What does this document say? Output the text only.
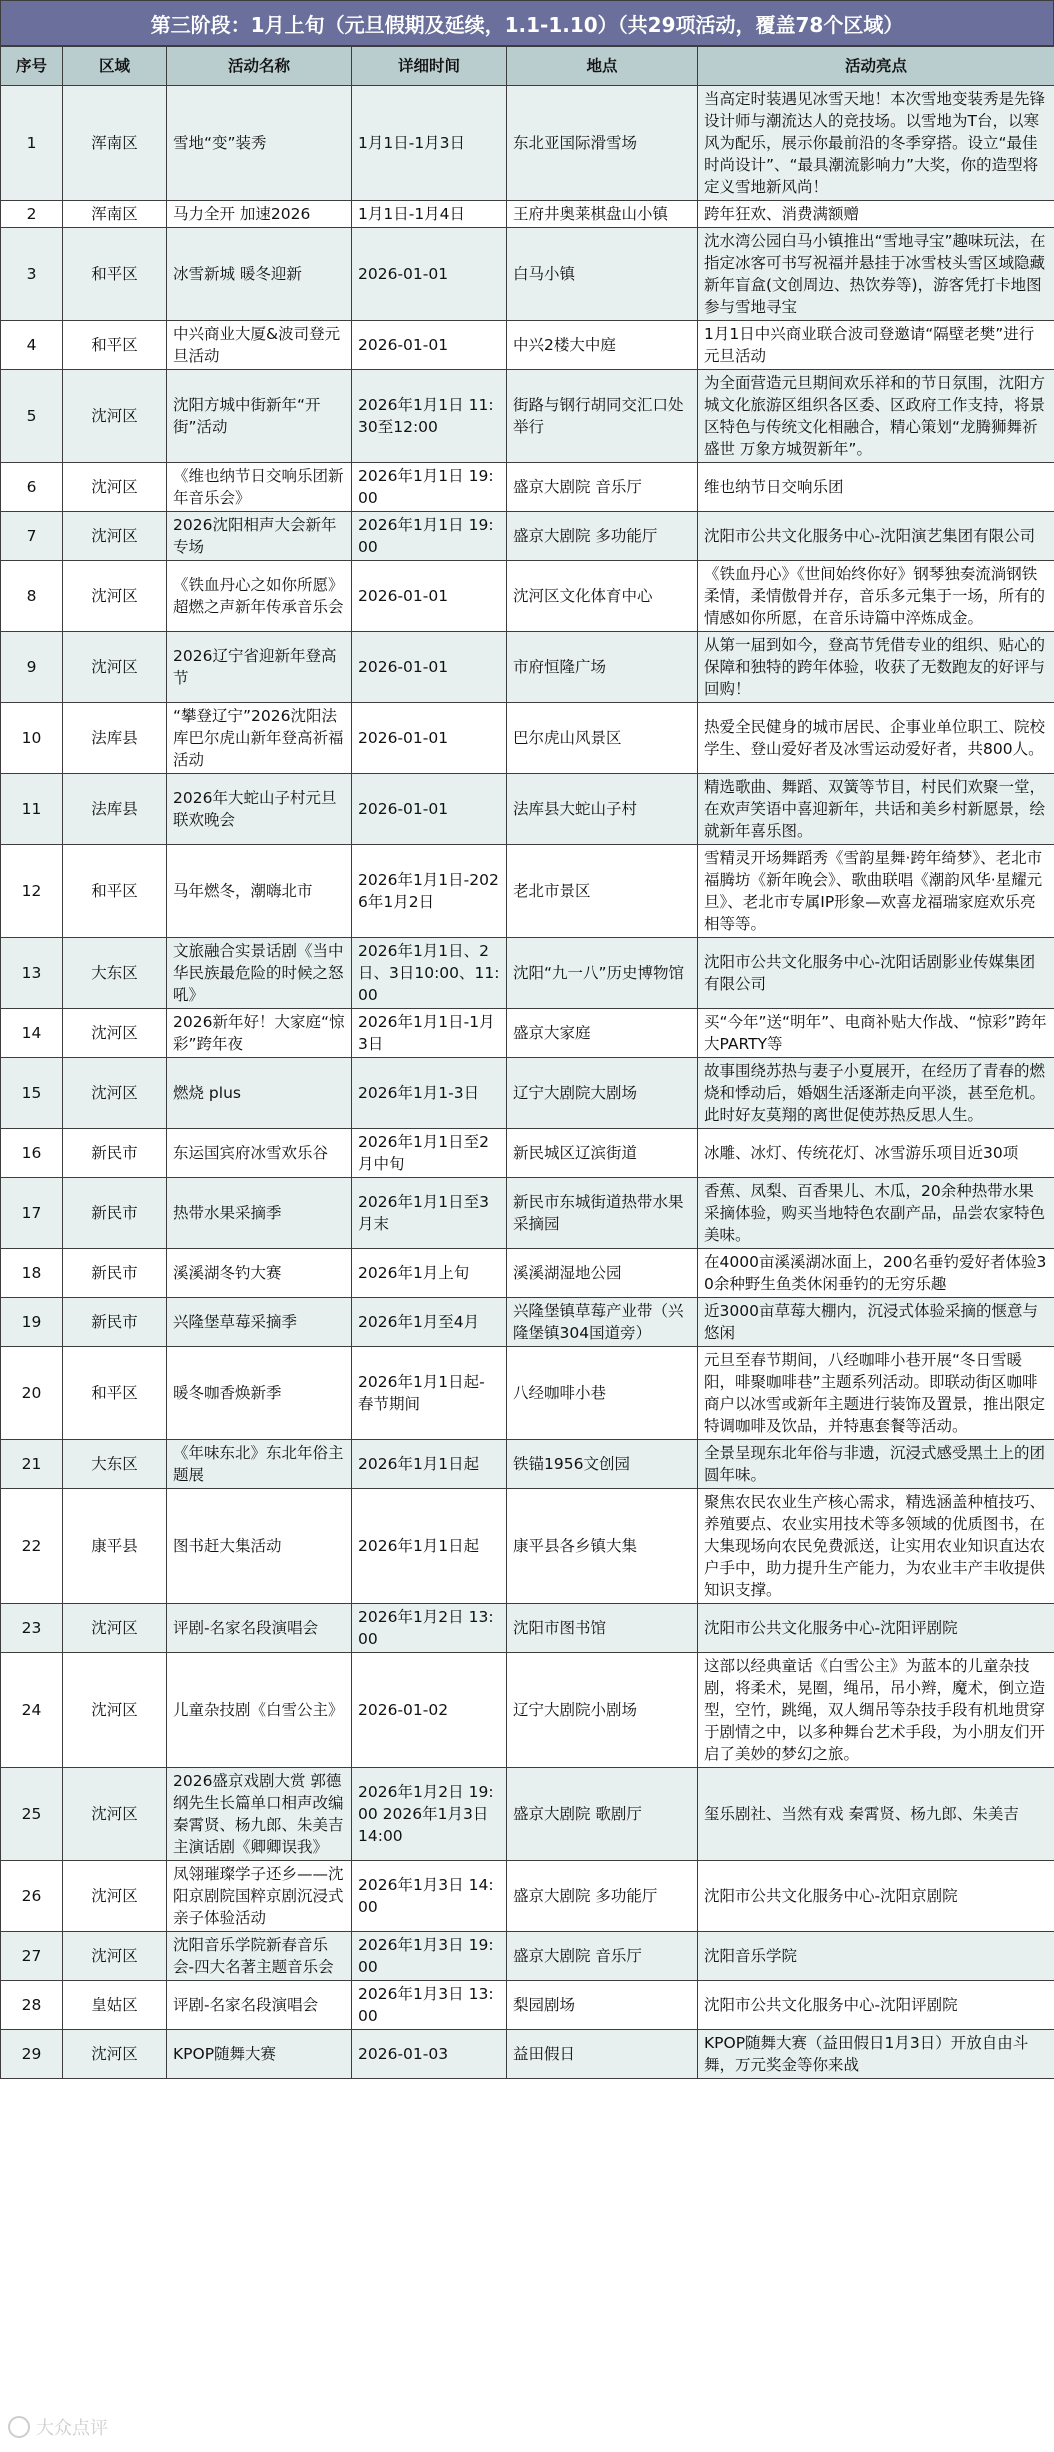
第三阶段：1月上旬（元旦假期及延续，1.1-1.10）（共29项活动，覆盖78个区域）
序号	区域	活动名称	详细时间	地点	活动亮点
1	浑南区	雪地“变”装秀	1月1日-1月3日	东北亚国际滑雪场	当高定时装遇见冰雪天地！本次雪地变装秀是先锋设计师与潮流达人的竞技场。以雪地为T台，以寒风为配乐，展示你最前沿的冬季穿搭。设立“最佳时尚设计”、“最具潮流影响力”大奖，你的造型将定义雪地新风尚！
2	浑南区	马力全开 加速2026	1月1日-1月4日	王府井奥莱棋盘山小镇	跨年狂欢、消费满额赠
3	和平区	冰雪新城 暖冬迎新	2026-01-01	白马小镇	沈水湾公园白马小镇推出“雪地寻宝”趣味玩法，在指定冰客可书写祝福并悬挂于冰雪枝头雪区域隐藏新年盲盒(文创周边、热饮券等)，游客凭打卡地图参与雪地寻宝
4	和平区	中兴商业大厦&波司登元旦活动	2026-01-01	中兴2楼大中庭	1月1日中兴商业联合波司登邀请“隔壁老樊”进行元旦活动
5	沈河区	沈阳方城中街新年“开街”活动	2026年1月1日 11:30至12:00	街路与钢行胡同交汇口处举行	为全面营造元旦期间欢乐祥和的节日氛围，沈阳方城文化旅游区组织各区委、区政府工作支持，将景区特色与传统文化相融合，精心策划“龙腾狮舞祈盛世 万象方城贺新年”。
6	沈河区	《维也纳节日交响乐团新年音乐会》	2026年1月1日 19:00	盛京大剧院 音乐厅	维也纳节日交响乐团
7	沈河区	2026沈阳相声大会新年专场	2026年1月1日 19:00	盛京大剧院 多功能厅	沈阳市公共文化服务中心-沈阳演艺集团有限公司
8	沈河区	《铁血丹心之如你所愿》超燃之声新年传承音乐会	2026-01-01	沈河区文化体育中心	《铁血丹心》《世间始终你好》钢琴独奏流淌钢铁柔情，柔情傲骨并存，音乐多元集于一场，所有的情感如你所愿，在音乐诗篇中淬炼成金。
9	沈河区	2026辽宁省迎新年登高节	2026-01-01	市府恒隆广场	从第一届到如今，登高节凭借专业的组织、贴心的保障和独特的跨年体验，收获了无数跑友的好评与回购！
10	法库县	“攀登辽宁”2026沈阳法库巴尔虎山新年登高祈福活动	2026-01-01	巴尔虎山风景区	热爱全民健身的城市居民、企事业单位职工、院校学生、登山爱好者及冰雪运动爱好者，共800人。
11	法库县	2026年大蛇山子村元旦联欢晚会	2026-01-01	法库县大蛇山子村	精选歌曲、舞蹈、双簧等节目，村民们欢聚一堂，在欢声笑语中喜迎新年，共话和美乡村新愿景，绘就新年喜乐图。
12	和平区	马年燃冬，潮嗨北市	2026年1月1日-2026年1月2日	老北市景区	雪精灵开场舞蹈秀《雪韵星舞·跨年绮梦》、老北市福腾坊《新年晚会》、歌曲联唱《潮韵风华·星耀元旦》、老北市专属IP形象—欢喜龙福瑞家庭欢乐亮相等等。
13	大东区	文旅融合实景话剧《当中华民族最危险的时候之怒吼》	2026年1月1日、2日、3日10:00、11:00	沈阳“九一八”历史博物馆	沈阳市公共文化服务中心-沈阳话剧影业传媒集团有限公司
14	沈河区	2026新年好！大家庭“惊彩”跨年夜	2026年1月1日-1月3日	盛京大家庭	买“今年”送“明年”、电商补贴大作战、“惊彩”跨年大PARTY等
15	沈河区	燃烧 plus	2026年1月1-3日	辽宁大剧院大剧场	故事围绕苏热与妻子小夏展开，在经历了青春的燃烧和悸动后，婚姻生活逐渐走向平淡，甚至危机。此时好友莫翔的离世促使苏热反思人生。
16	新民市	东运国宾府冰雪欢乐谷	2026年1月1日至2月中旬	新民城区辽滨街道	冰雕、冰灯、传统花灯、冰雪游乐项目近30项
17	新民市	热带水果采摘季	2026年1月1日至3月末	新民市东城街道热带水果采摘园	香蕉、凤梨、百香果儿、木瓜，20余种热带水果采摘体验，购买当地特色农副产品，品尝农家特色美味。
18	新民市	溪溪湖冬钓大赛	2026年1月上旬	溪溪湖湿地公园	在4000亩溪溪湖冰面上，200名垂钓爱好者体验30余种野生鱼类休闲垂钓的无穷乐趣
19	新民市	兴隆堡草莓采摘季	2026年1月至4月	兴隆堡镇草莓产业带（兴隆堡镇304国道旁）	近3000亩草莓大棚内，沉浸式体验采摘的惬意与悠闲
20	和平区	暖冬咖香焕新季	2026年1月1日起-春节期间	八经咖啡小巷	元旦至春节期间，八经咖啡小巷开展“冬日雪暖阳，啡聚咖啡巷”主题系列活动。即联动街区咖啡商户以冰雪或新年主题进行装饰及置景，推出限定特调咖啡及饮品，并特惠套餐等活动。
21	大东区	《年味东北》东北年俗主题展	2026年1月1日起	铁锚1956文创园	全景呈现东北年俗与非遗，沉浸式感受黑土上的团圆年味。
22	康平县	图书赶大集活动	2026年1月1日起	康平县各乡镇大集	聚焦农民农业生产核心需求，精选涵盖种植技巧、养殖要点、农业实用技术等多领域的优质图书，在大集现场向农民免费派送，让实用农业知识直达农户手中，助力提升生产能力，为农业丰产丰收提供知识支撑。
23	沈河区	评剧-名家名段演唱会	2026年1月2日 13:00	沈阳市图书馆	沈阳市公共文化服务中心-沈阳评剧院
24	沈河区	儿童杂技剧《白雪公主》	2026-01-02	辽宁大剧院小剧场	这部以经典童话《白雪公主》为蓝本的儿童杂技剧，将柔术，晃圈，绳吊，吊小辫，魔术，倒立造型，空竹，跳绳，双人绸吊等杂技手段有机地贯穿于剧情之中，以多种舞台艺术手段，为小朋友们开启了美妙的梦幻之旅。
25	沈河区	2026盛京戏剧大赏 郭德纲先生长篇单口相声改编秦霄贤、杨九郎、朱美吉主演话剧《卿卿误我》	2026年1月2日 19:00 2026年1月3日 14:00	盛京大剧院 歌剧厅	玺乐剧社、当然有戏 秦霄贤、杨九郎、朱美吉
26	沈河区	凤翎璀璨学子还乡——沈阳京剧院国粹京剧沉浸式亲子体验活动	2026年1月3日 14:00	盛京大剧院 多功能厅	沈阳市公共文化服务中心-沈阳京剧院
27	沈河区	沈阳音乐学院新春音乐会-四大名著主题音乐会	2026年1月3日 19:00	盛京大剧院 音乐厅	沈阳音乐学院
28	皇姑区	评剧-名家名段演唱会	2026年1月3日 13:00	梨园剧场	沈阳市公共文化服务中心-沈阳评剧院
29	沈河区	KPOP随舞大赛	2026-01-03	益田假日	KPOP随舞大赛（益田假日1月3日）开放自由斗舞，万元奖金等你来战
大众点评
